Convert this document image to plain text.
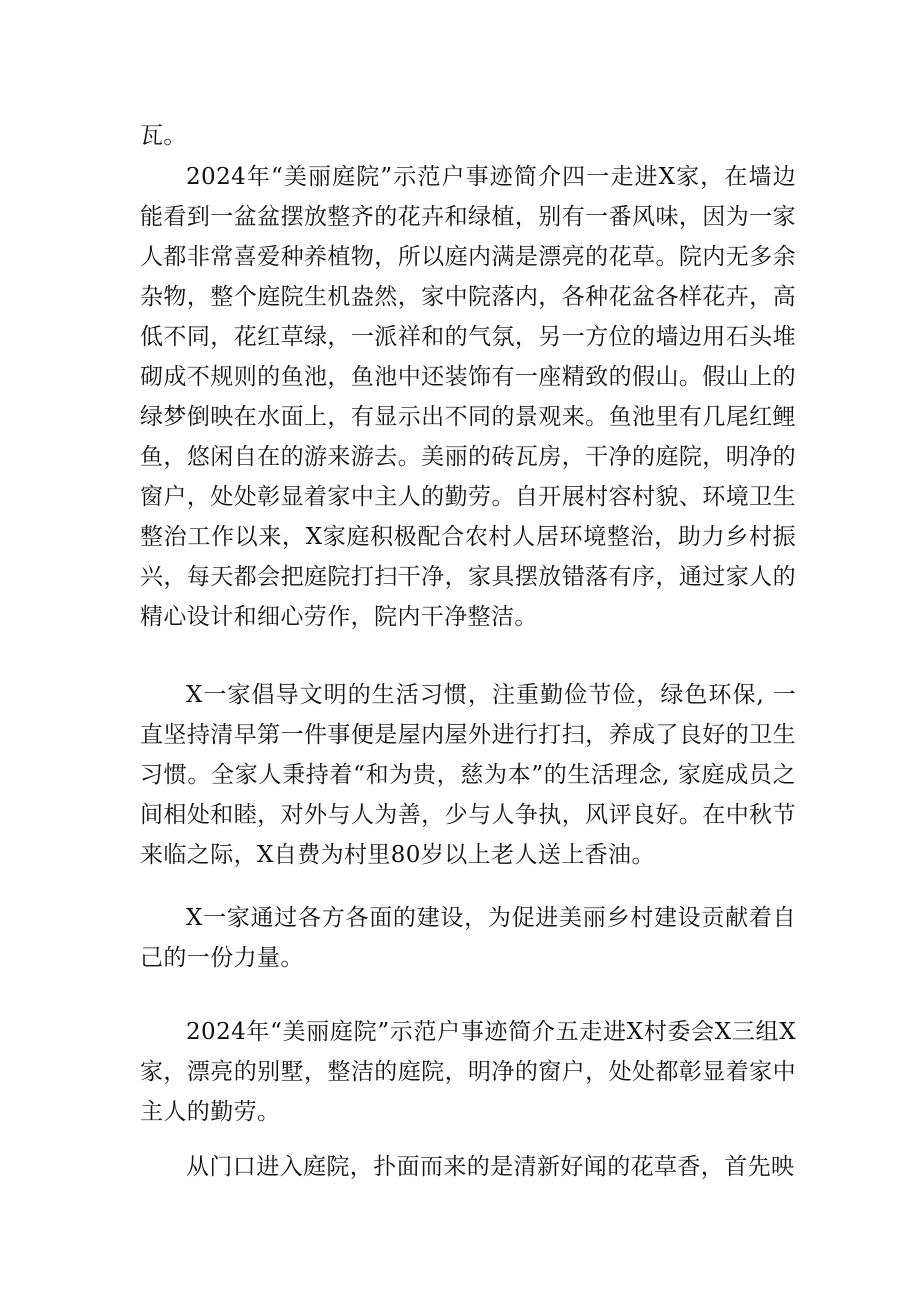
瓦。

2024年“美丽庭院”示范户事迹简介四一走进X家，在墙边能看到一盆盆摆放整齐的花卉和绿植，别有一番风味，因为一家人都非常喜爱种养植物，所以庭内满是漂亮的花草。院内无多余杂物，整个庭院生机盎然，家中院落内，各种花盆各样花卉，高低不同，花红草绿，一派祥和的气氛，另一方位的墙边用石头堆砌成不规则的鱼池，鱼池中还装饰有一座精致的假山。假山上的绿梦倒映在水面上，有显示出不同的景观来。鱼池里有几尾红鲤鱼，悠闲自在的游来游去。美丽的砖瓦房，干净的庭院，明净的窗户，处处彰显着家中主人的勤劳。自开展村容村貌、环境卫生整治工作以来，X家庭积极配合农村人居环境整治，助力乡村振兴，每天都会把庭院打扫干净，家具摆放错落有序，通过家人的精心设计和细心劳作，院内干净整洁。

X一家倡导文明的生活习惯，注重勤俭节俭，绿色环保, 一直坚持清早第一件事便是屋内屋外进行打扫，养成了良好的卫生习惯。全家人秉持着“和为贵，慈为本”的生活理念, 家庭成员之间相处和睦，对外与人为善，少与人争执，风评良好。在中秋节来临之际，X自费为村里80岁以上老人送上香油。

X一家通过各方各面的建设，为促进美丽乡村建设贡献着自己的一份力量。

2024年“美丽庭院”示范户事迹简介五走进X村委会X三组X家，漂亮的别墅，整洁的庭院，明净的窗户，处处都彰显着家中主人的勤劳。

从门口进入庭院，扑面而来的是清新好闻的花草香，首先映
